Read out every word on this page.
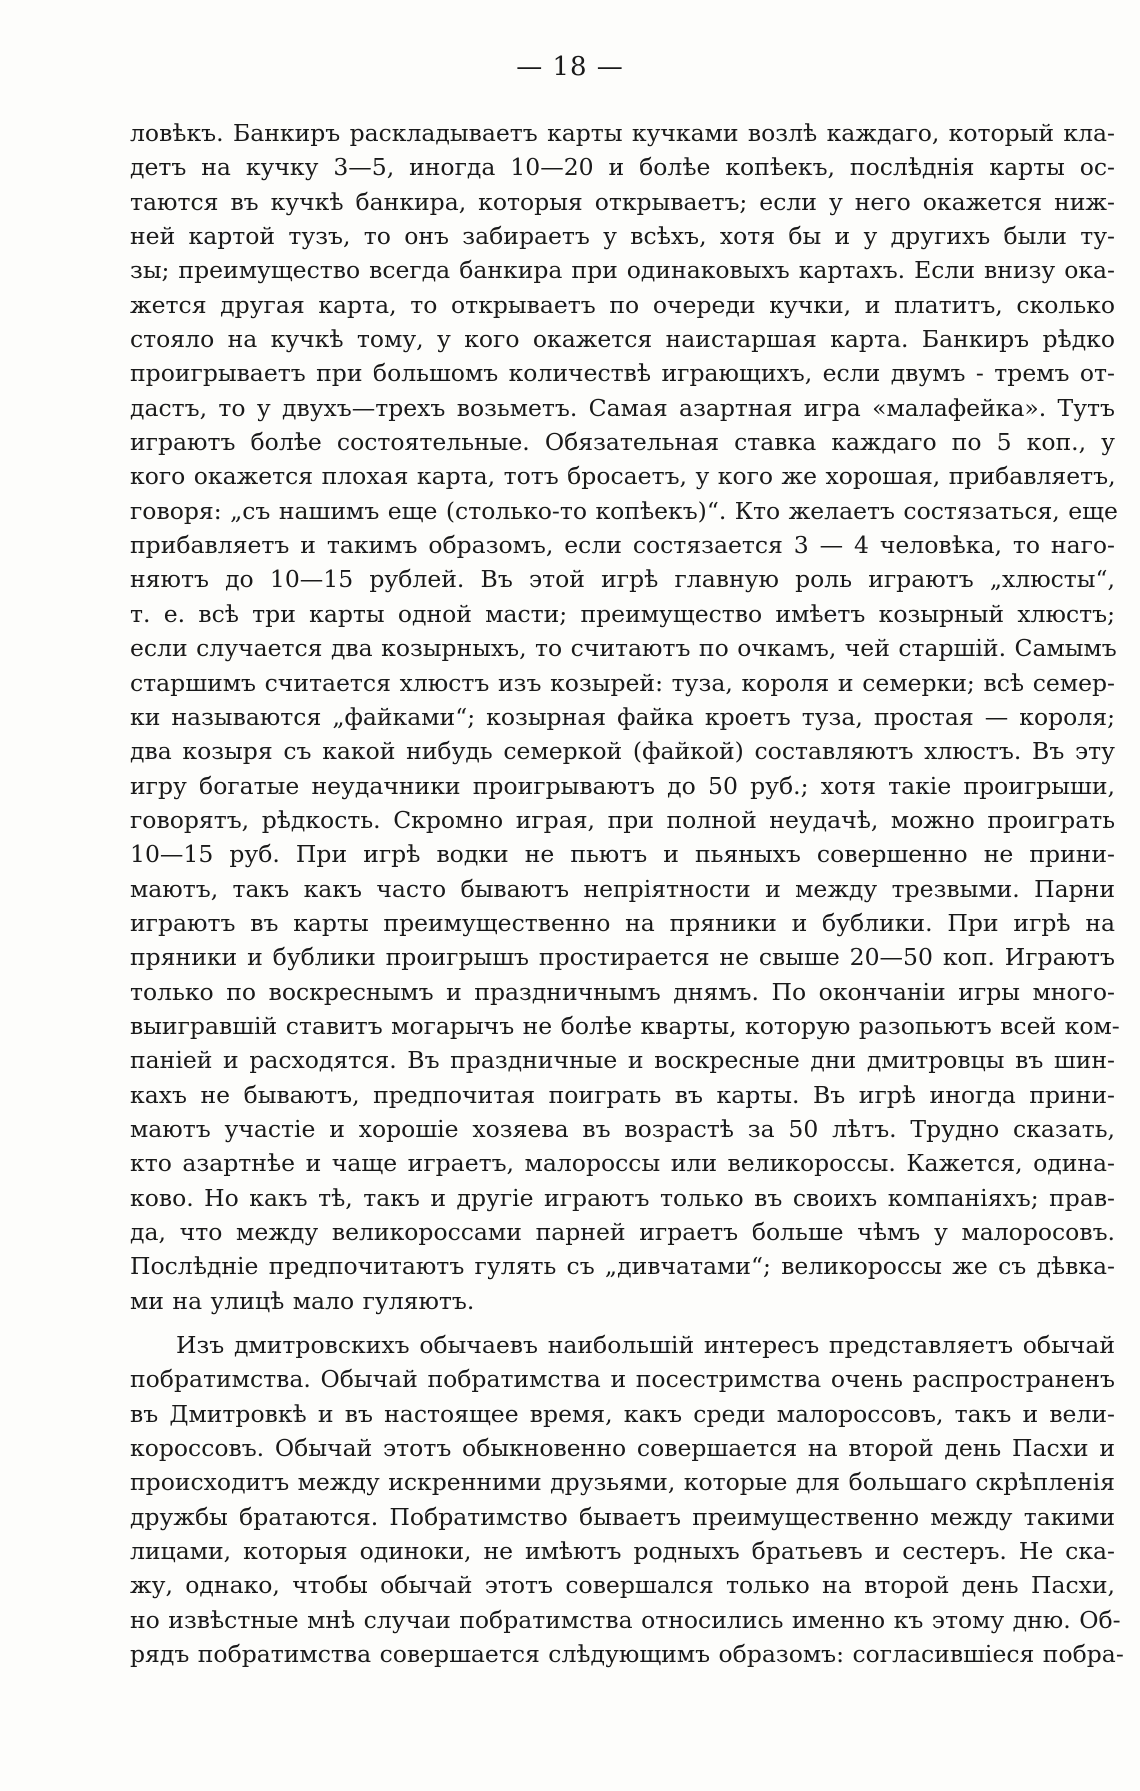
— 18 —
ловѣкъ. Банкиръ раскладываетъ карты кучками возлѣ каждаго, который кла-
детъ на кучку 3—5, иногда 10—20 и болѣе копѣекъ, послѣднія карты ос-
таются въ кучкѣ банкира, которыя открываетъ; если у него окажется ниж-
ней картой тузъ, то онъ забираетъ у всѣхъ, хотя бы и у другихъ были ту-
зы; преимущество всегда банкира при одинаковыхъ картахъ. Если внизу ока-
жется другая карта, то открываетъ по очереди кучки, и платитъ, сколько
стояло на кучкѣ тому, у кого окажется наистаршая карта. Банкиръ рѣдко
проигрываетъ при большомъ количествѣ играющихъ, если двумъ - тремъ от-
дастъ, то у двухъ—трехъ возьметъ. Самая азартная игра «малафейка». Тутъ
играютъ болѣе состоятельные. Обязательная ставка каждаго по 5 коп., у
кого окажется плохая карта, тотъ бросаетъ, у кого же хорошая, прибавляетъ,
говоря: „съ нашимъ еще (столько-то копѣекъ)“. Кто желаетъ состязаться, еще
прибавляетъ и такимъ образомъ, если состязается 3 — 4 человѣка, то наго-
няютъ до 10—15 рублей. Въ этой игрѣ главную роль играютъ „хлюсты“,
т. е. всѣ три карты одной масти; преимущество имѣетъ козырный хлюстъ;
если случается два козырныхъ, то считаютъ по очкамъ, чей старшій. Самымъ
старшимъ считается хлюстъ изъ козырей: туза, короля и семерки; всѣ семер-
ки называются „файками“; козырная файка кроетъ туза, простая — короля;
два козыря съ какой нибудь семеркой (файкой) составляютъ хлюстъ. Въ эту
игру богатые неудачники проигрываютъ до 50 руб.; хотя такіе проигрыши,
говорятъ, рѣдкость. Скромно играя, при полной неудачѣ, можно проиграть
10—15 руб. При игрѣ водки не пьютъ и пьяныхъ совершенно не прини-
маютъ, такъ какъ часто бываютъ непріятности и между трезвыми. Парни
играютъ въ карты преимущественно на пряники и бублики. При игрѣ на
пряники и бублики проигрышъ простирается не свыше 20—50 коп. Играютъ
только по воскреснымъ и праздничнымъ днямъ. По окончаніи игры много-
выигравшій ставитъ могарычъ не болѣе кварты, которую разопьютъ всей ком-
паніей и расходятся. Въ праздничные и воскресные дни дмитровцы въ шин-
кахъ не бываютъ, предпочитая поиграть въ карты. Въ игрѣ иногда прини-
маютъ участіе и хорошіе хозяева въ возрастѣ за 50 лѣтъ. Трудно сказать,
кто азартнѣе и чаще играетъ, малороссы или великороссы. Кажется, одина-
ково. Но какъ тѣ, такъ и другіе играютъ только въ своихъ компаніяхъ; прав-
да, что между великороссами парней играетъ больше чѣмъ у малоросовъ.
Послѣдніе предпочитаютъ гулять съ „дивчатами“; великороссы же съ дѣвка-
ми на улицѣ мало гуляютъ.
Изъ дмитровскихъ обычаевъ наибольшій интересъ представляетъ обычай
побратимства. Обычай побратимства и посестримства очень распространенъ
въ Дмитровкѣ и въ настоящее время, какъ среди малороссовъ, такъ и вели-
короссовъ. Обычай этотъ обыкновенно совершается на второй день Пасхи и
происходитъ между искренними друзьями, которые для большаго скрѣпленія
дружбы братаются. Побратимство бываетъ преимущественно между такими
лицами, которыя одиноки, не имѣютъ родныхъ братьевъ и сестеръ. Не ска-
жу, однако, чтобы обычай этотъ совершался только на второй день Пасхи,
но извѣстные мнѣ случаи побратимства относились именно къ этому дню. Об-
рядъ побратимства совершается слѣдующимъ образомъ: согласившіеся побра-
